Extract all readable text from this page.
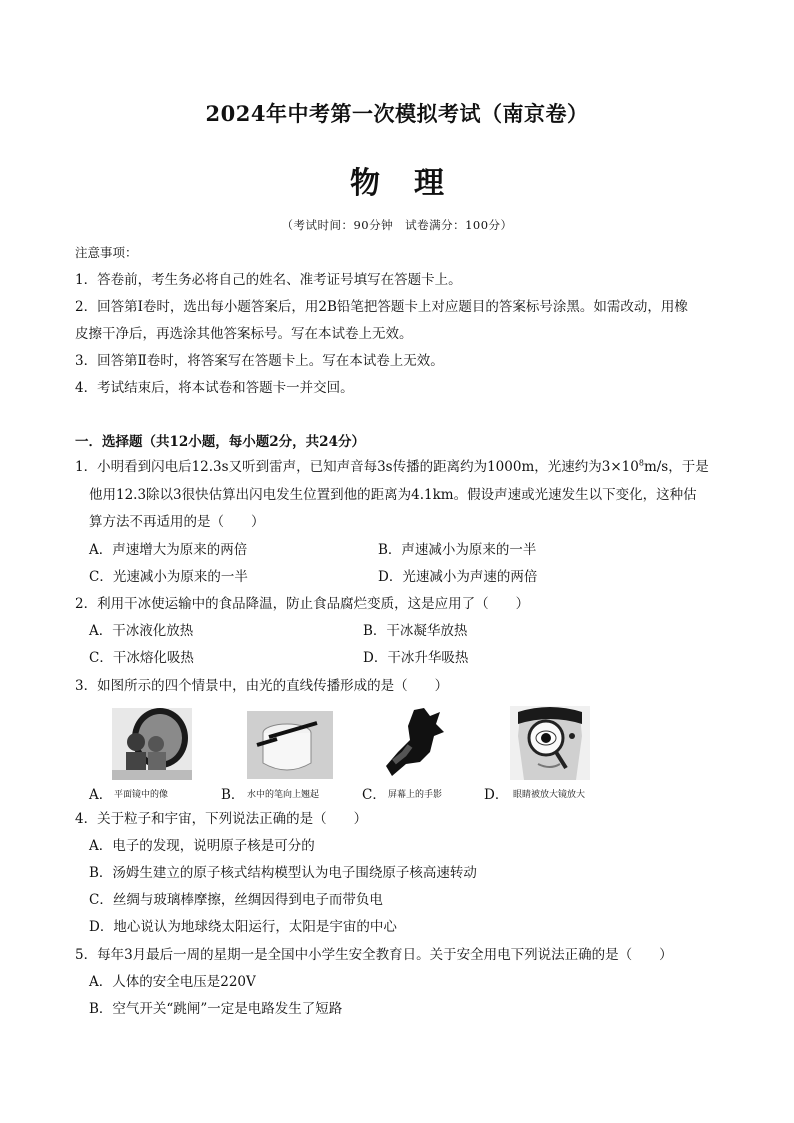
2024年中考第一次模拟考试（南京卷）
物理
（考试时间：90分钟　试卷满分：100分）
注意事项：
1．答卷前，考生务必将自己的姓名、准考证号填写在答题卡上。
2．回答第Ⅰ卷时，选出每小题答案后，用2B铅笔把答题卡上对应题目的答案标号涂黑。如需改动，用橡
皮擦干净后，再选涂其他答案标号。写在本试卷上无效。
3．回答第Ⅱ卷时，将答案写在答题卡上。写在本试卷上无效。
4．考试结束后，将本试卷和答题卡一并交回。
一．选择题（共12小题，每小题2分，共24分）
1．小明看到闪电后12.3s又听到雷声，已知声音每3s传播的距离约为1000m，光速约为$3\times 10^8m/s$，于是
他用12.3除以3很快估算出闪电发生位置到他的距离为4.1km。假设声速或光速发生以下变化，这种估
算方法不再适用的是（　　）
A．声速增大为原来的两倍	B．声速减小为原来的一半
C．光速减小为原来的一半	D．光速减小为声速的两倍
2．利用干冰使运输中的食品降温，防止食品腐烂变质，这是应用了（　　）
A．干冰液化放热	B．干冰凝华放热
C．干冰熔化吸热	D．干冰升华吸热
3．如图所示的四个情景中，由光的直线传播形成的是（　　）
A． 平面镜中的像	B． 水中的笔向上翘起	C． 屏幕上的手影	D． 眼睛被放大镜放大
4．关于粒子和宇宙，下列说法正确的是（　　）
A．电子的发现，说明原子核是可分的
B．汤姆生建立的原子核式结构模型认为电子围绕原子核高速转动
C．丝绸与玻璃棒摩擦，丝绸因得到电子而带负电
D．地心说认为地球绕太阳运行，太阳是宇宙的中心
5．每年3月最后一周的星期一是全国中小学生安全教育日。关于安全用电下列说法正确的是（　　）
A．人体的安全电压是220V
B．空气开关“跳闸”一定是电路发生了短路
